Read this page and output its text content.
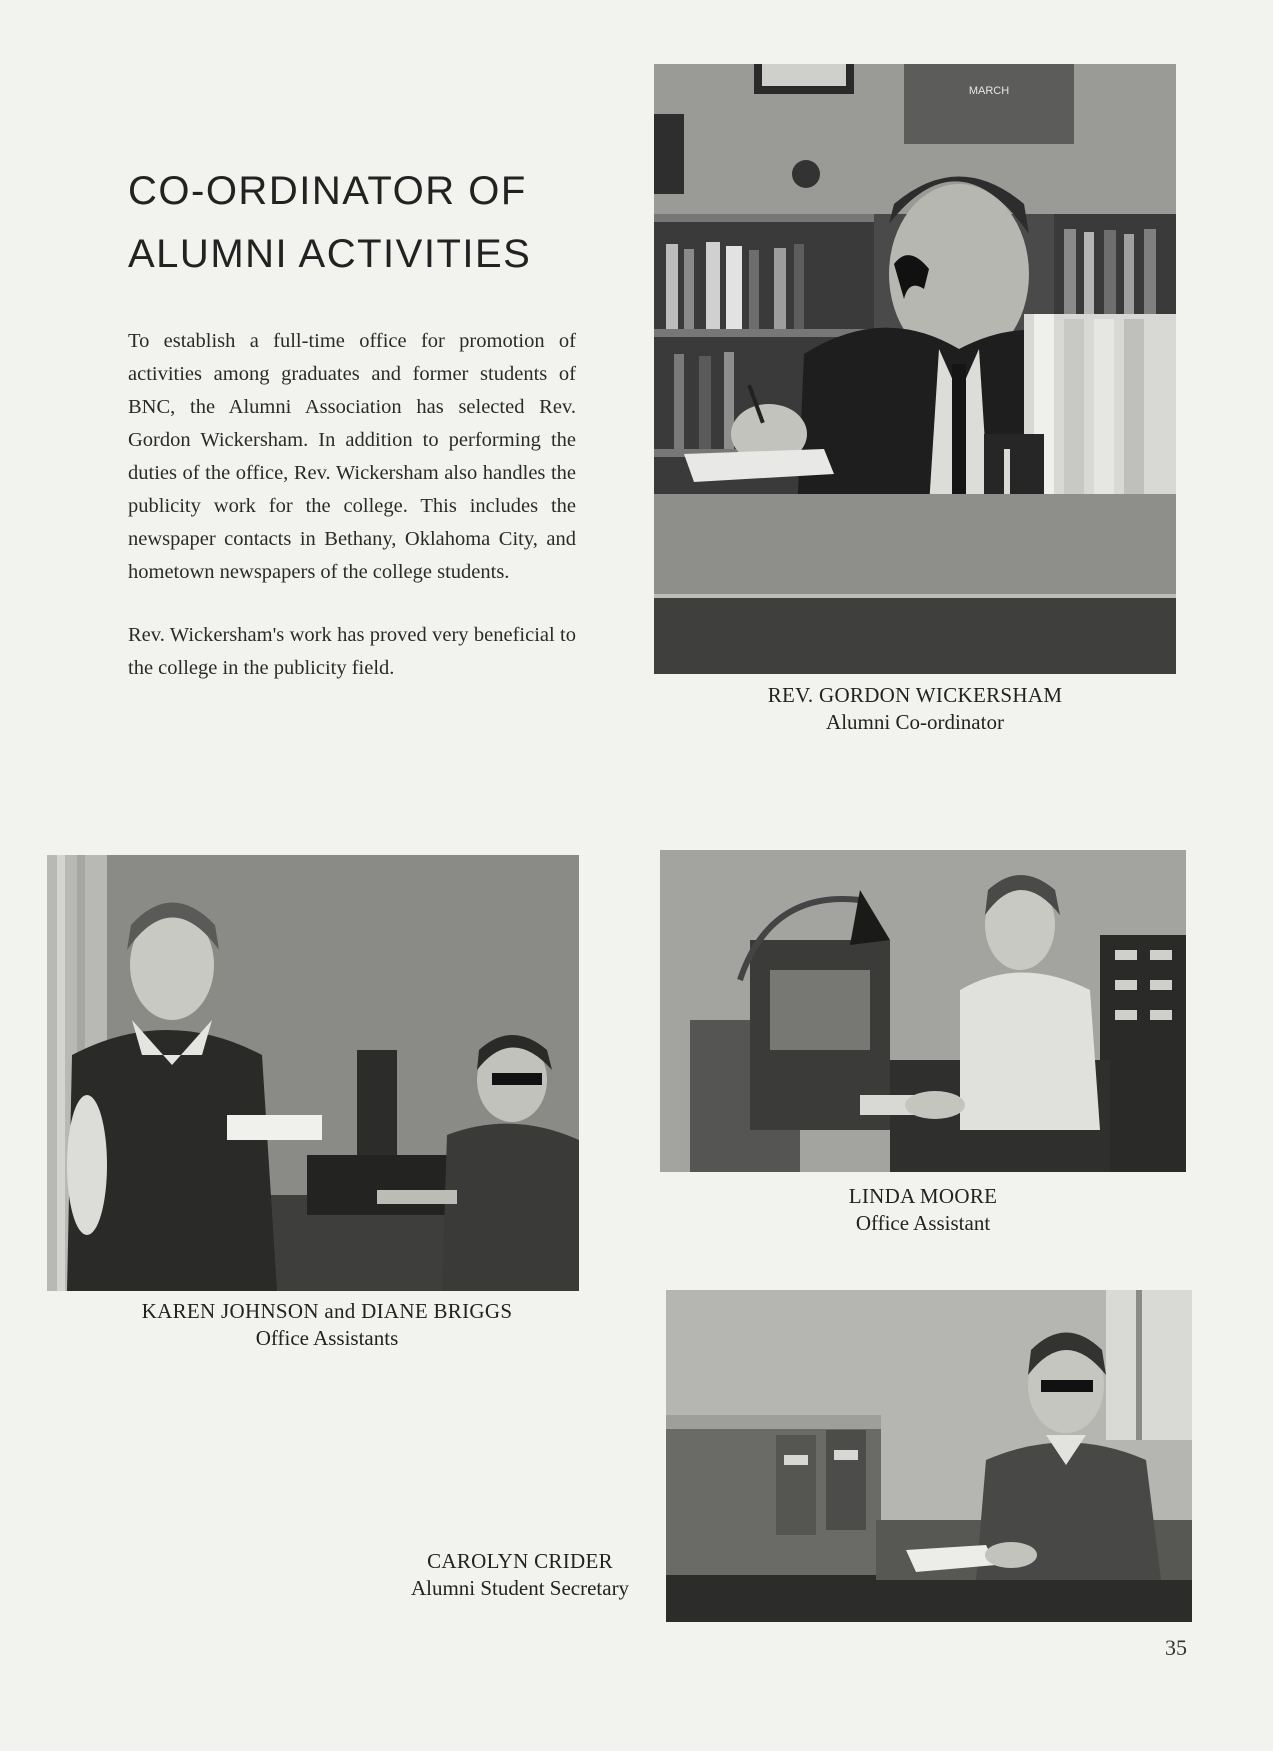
CO-ORDINATOR OF
ALUMNI ACTIVITIES

To establish a full-time office for promotion of activities among graduates and former students of BNC, the Alumni Association has selected Rev. Gordon Wickersham. In addition to performing the duties of the office, Rev. Wickersham also handles the publicity work for the college. This includes the newspaper contacts in Bethany, Oklahoma City, and hometown newspapers of the college students.

Rev. Wickersham's work has proved very beneficial to the college in the publicity field.

MARCH
REV. GORDON WICKERSHAM
Alumni Co-ordinator
KAREN JOHNSON and DIANE BRIGGS
Office Assistants
LINDA MOORE
Office Assistant
CAROLYN CRIDER
Alumni Student Secretary
35
